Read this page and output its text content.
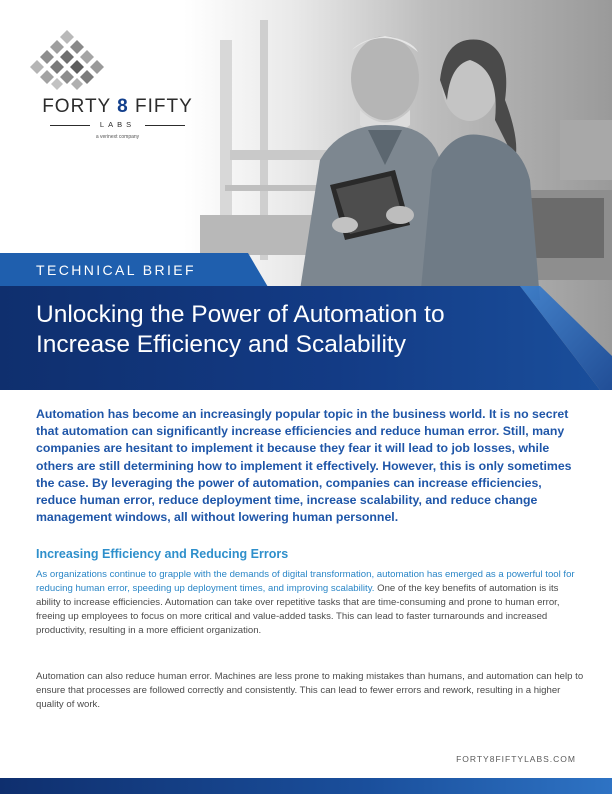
FORTY 8 FIFTY
LABS
a verinext company
TECHNICAL BRIEF
Unlocking the Power of Automation to Increase Efficiency and Scalability

Automation has become an increasingly popular topic in the business world. It is no secret that automation can significantly increase efficiencies and reduce human error. Still, many companies are hesitant to implement it because they fear it will lead to job losses, while others are still determining how to implement it effectively. However, this is only sometimes the case. By leveraging the power of automation, companies can increase efficiencies, reduce human error, reduce deployment time, increase scalability, and reduce change management windows, all without lowering human personnel.

Increasing Efficiency and Reducing Errors

As organizations continue to grapple with the demands of digital transformation, automation has emerged as a powerful tool for reducing human error, speeding up deployment times, and improving scalability. One of the key benefits of automation is its ability to increase efficiencies. Automation can take over repetitive tasks that are time-consuming and prone to human error, freeing up employees to focus on more critical and value-added tasks. This can lead to faster turnarounds and increased productivity, resulting in a more efficient organization.

Automation can also reduce human error. Machines are less prone to making mistakes than humans, and automation can help to ensure that processes are followed correctly and consistently. This can lead to fewer errors and rework, resulting in a higher quality of work.

FORTY8FIFTYLABS.COM
